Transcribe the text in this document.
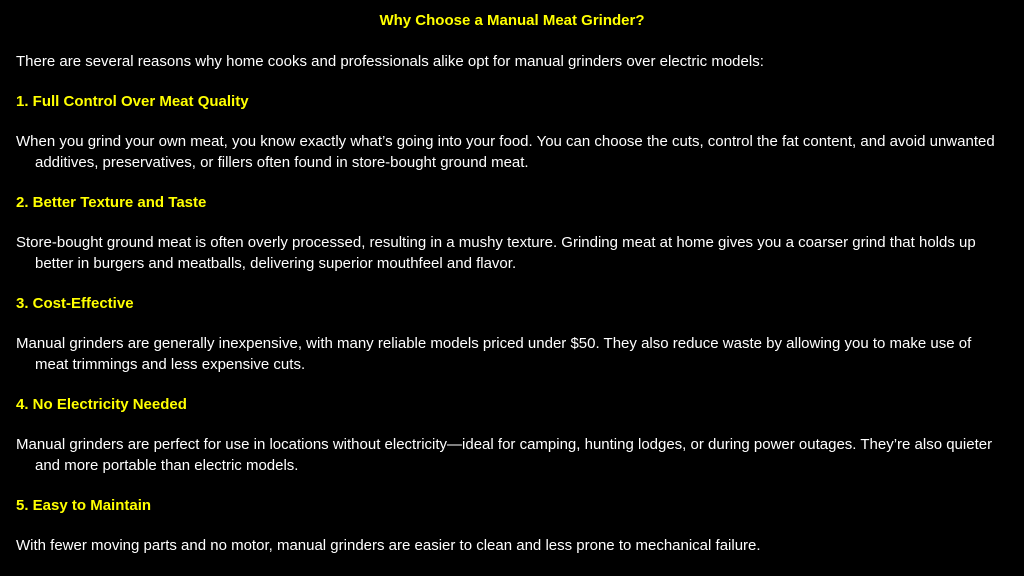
Why Choose a Manual Meat Grinder?
There are several reasons why home cooks and professionals alike opt for manual grinders over electric models:
1. Full Control Over Meat Quality
When you grind your own meat, you know exactly what’s going into your food. You can choose the cuts, control the fat content, and avoid unwanted additives, preservatives, or fillers often found in store-bought ground meat.
2. Better Texture and Taste
Store-bought ground meat is often overly processed, resulting in a mushy texture. Grinding meat at home gives you a coarser grind that holds up better in burgers and meatballs, delivering superior mouthfeel and flavor.
3. Cost-Effective
Manual grinders are generally inexpensive, with many reliable models priced under $50. They also reduce waste by allowing you to make use of meat trimmings and less expensive cuts.
4. No Electricity Needed
Manual grinders are perfect for use in locations without electricity—ideal for camping, hunting lodges, or during power outages. They’re also quieter and more portable than electric models.
5. Easy to Maintain
With fewer moving parts and no motor, manual grinders are easier to clean and less prone to mechanical failure.
